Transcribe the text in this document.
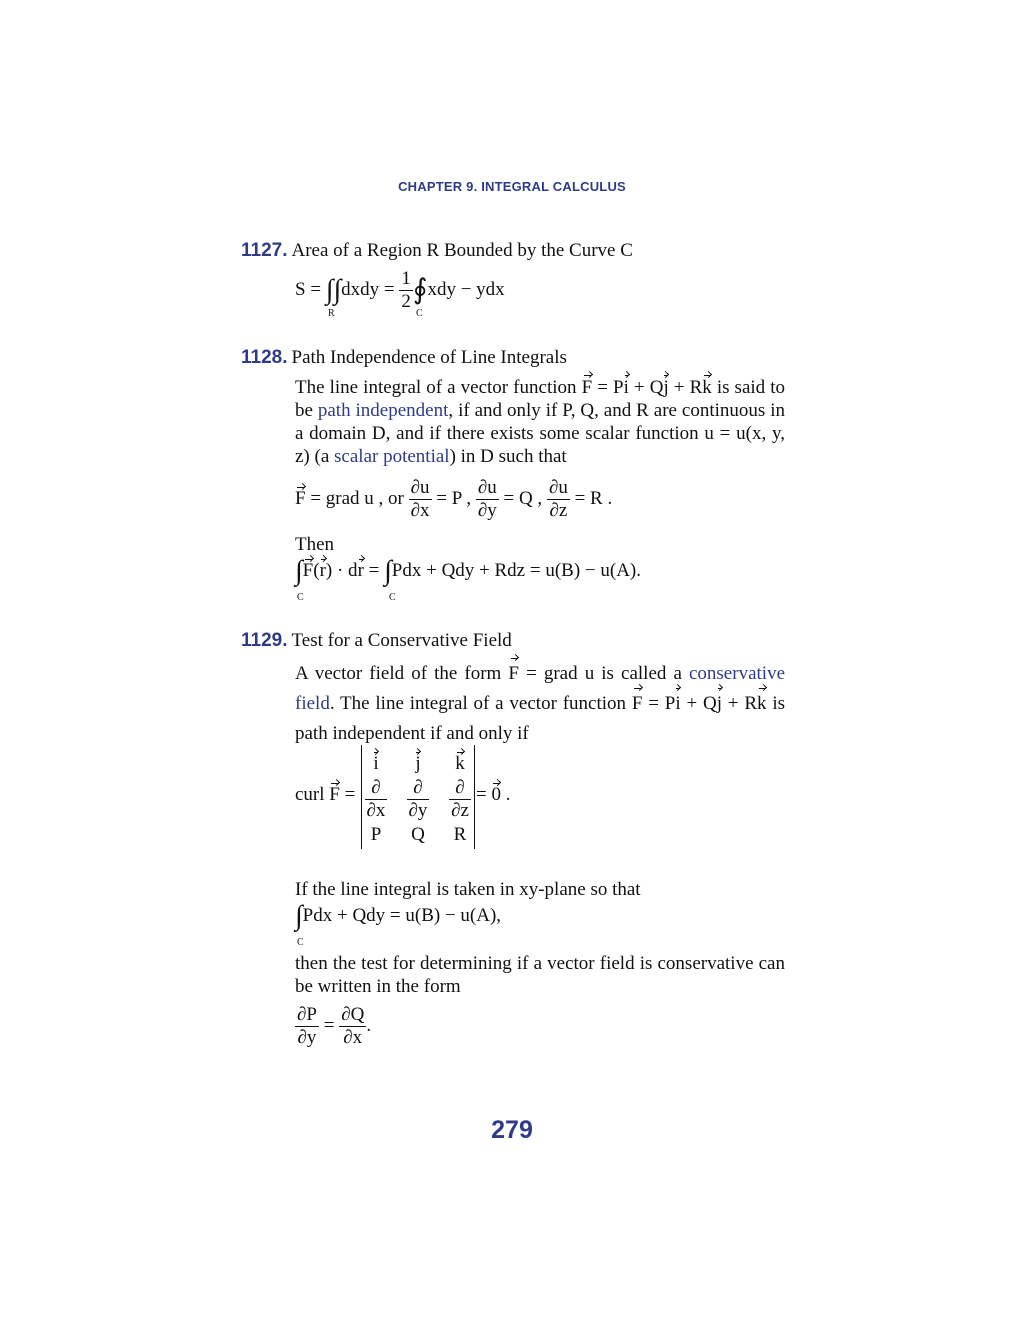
CHAPTER 9. INTEGRAL CALCULUS
1127. Area of a Region R Bounded by the Curve C
S = ∫∫dxdy = $\frac{1}{2}$ ∮xdy − ydx
R	C
1128. Path Independence of Line Integrals
The line integral of a vector function F = Pi + Qj + Rk is said to be path independent, if and only if P, Q, and R are continuous in a domain D, and if there exists some scalar function u = u(x, y, z) (a scalar potential) in D such that
F = grad u , or $\frac{\partial u}{\partial x} = P$ , $\frac{\partial u}{\partial y} = Q$ , $\frac{\partial u}{\partial z} = R$ .
Then
∫F(r) · dr = ∫Pdx + Qdy + Rdz = u(B) − u(A).
C	C
1129. Test for a Conservative Field
A vector field of the form F = grad u is called a conservative field. The line integral of a vector function F = Pi + Qj + Rk is path independent if and only if
curl F =
i	j	k
$\frac{\partial}{\partial x} \frac{\partial}{\partial y} \frac{\partial}{\partial z}$
P	Q	R
= 0 .
If the line integral is taken in xy-plane so that
∫Pdx + Qdy = u(B) − u(A),
C
then the test for determining if a vector field is conservative can be written in the form
$\frac{\partial P}{\partial y} = \frac{\partial Q}{\partial x}$ .
279
